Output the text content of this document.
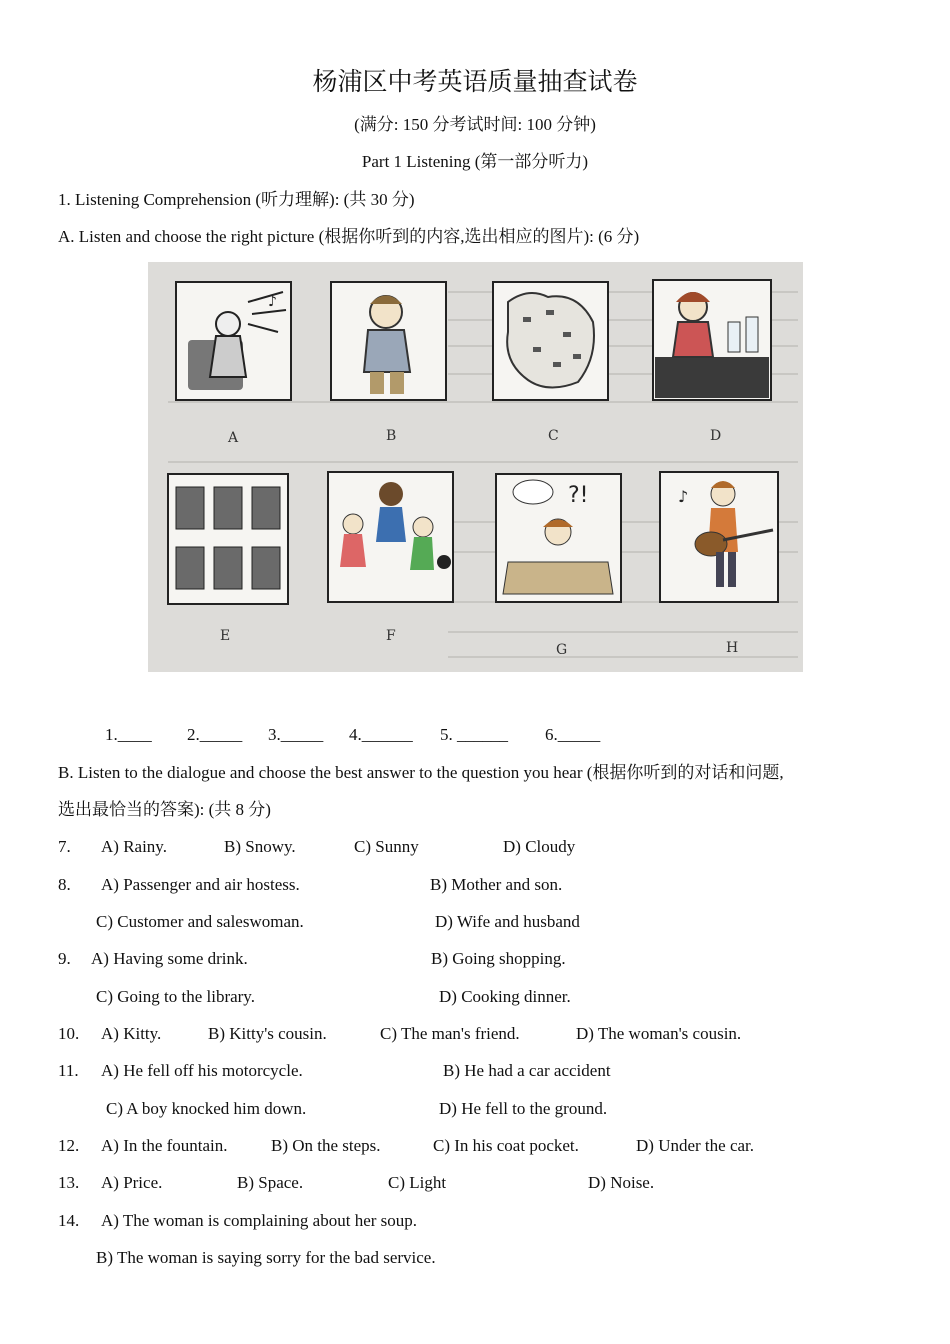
杨浦区中考英语质量抽查试卷
(满分: 150 分考试时间: 100 分钟)
Part 1 Listening (第一部分听力)
1. Listening Comprehension (听力理解): (共 30 分)
A. Listen and choose the right picture (根据你听到的内容,选出相应的图片): (6 分)
♪
A	B	C	D
?!	♪
E	F
G	H
1.____ 2._____ 3._____ 4.______ 5. ______ 6._____
B. Listen to the dialogue and choose the best answer to the question you hear (根据你听到的对话和问题,
选出最恰当的答案): (共 8 分)
7. A) Rainy.	B) Snowy.	C) Sunny	D) Cloudy
8. A) Passenger and air hostess.	B) Mother and son.
C) Customer and saleswoman.	D) Wife and husband
9. A) Having some drink.	B) Going shopping.
C) Going to the library.	D) Cooking dinner.
10. A) Kitty.	B) Kitty's cousin.	C) The man's friend.	D) The woman's cousin.
11. A) He fell off his motorcycle.	B) He had a car accident
C) A boy knocked him down.	D) He fell to the ground.
12. A) In the fountain.	B) On the steps.	C) In his coat pocket.	D) Under the car.
13. A) Price.	B) Space.	C) Light	D) Noise.
14. A) The woman is complaining about her soup.
B) The woman is saying sorry for the bad service.
